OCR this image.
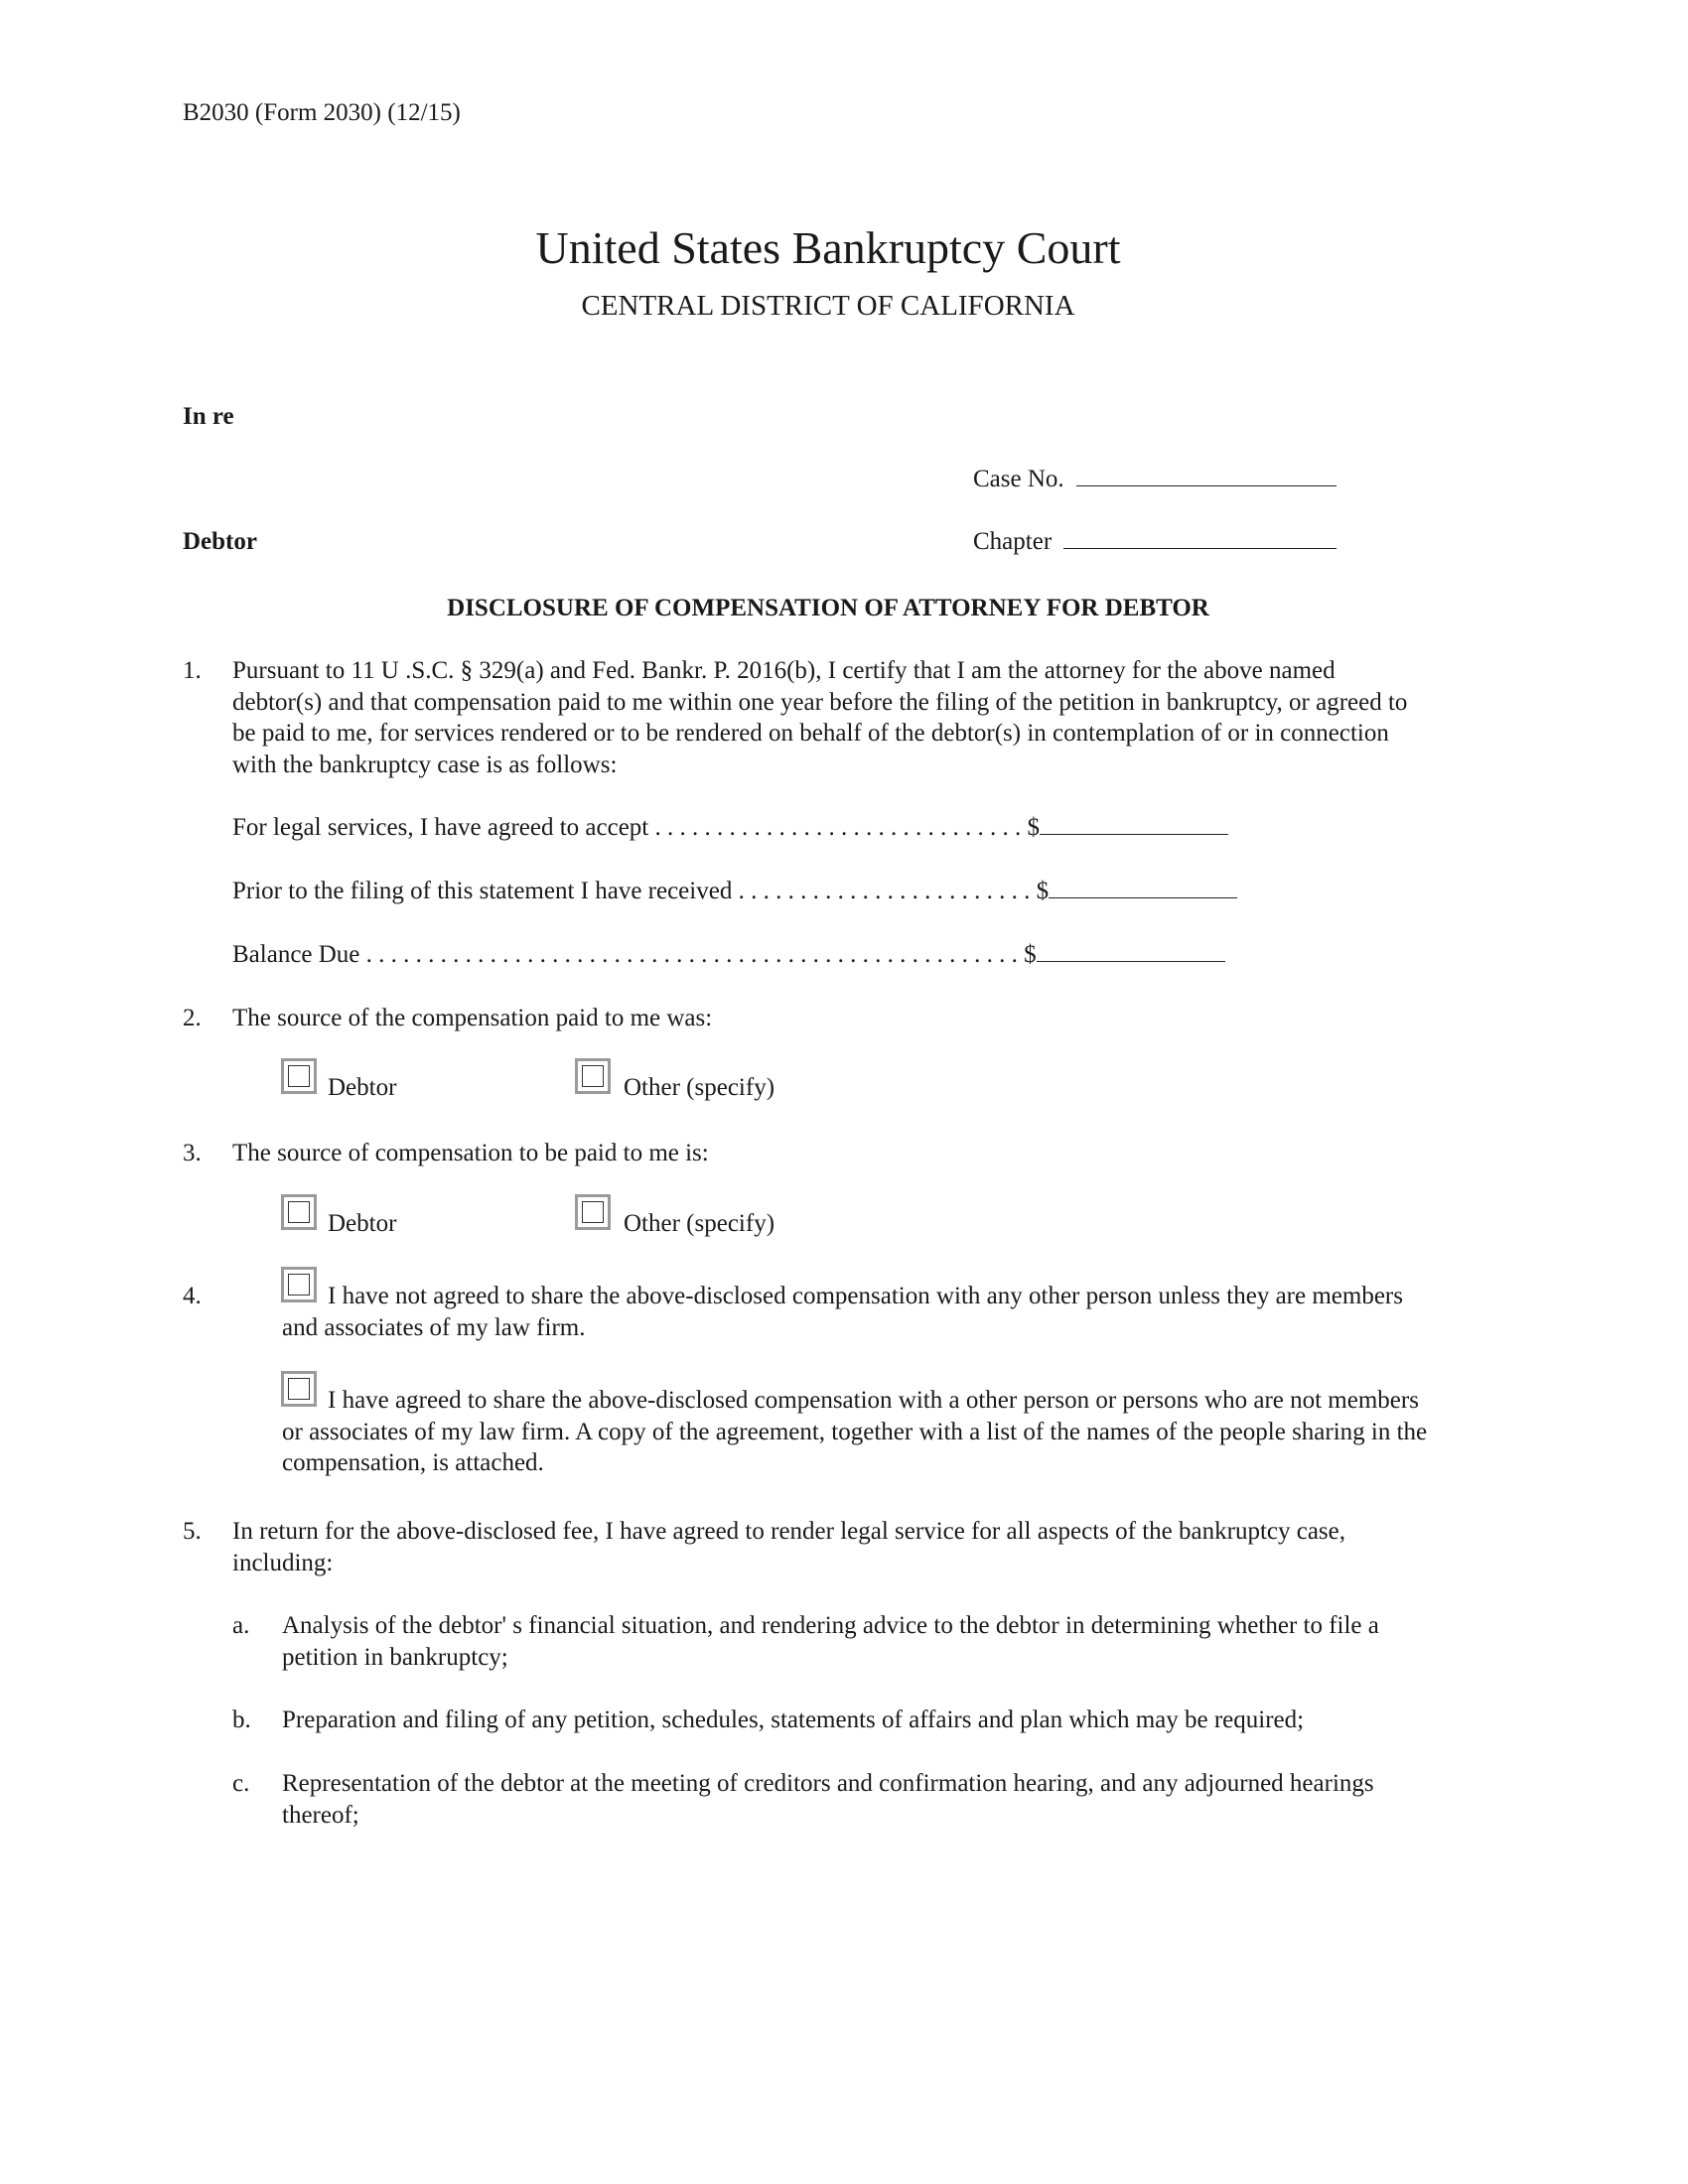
B2030 (Form 2030) (12/15)
United States Bankruptcy Court
CENTRAL DISTRICT OF CALIFORNIA
In re
Case No.
Debtor	Chapter
DISCLOSURE OF COMPENSATION OF ATTORNEY FOR DEBTOR
1. Pursuant to 11 U .S.C. § 329(a) and Fed. Bankr. P. 2016(b), I certify that I am the attorney for the above named debtor(s) and that compensation paid to me within one year before the filing of the petition in bankruptcy, or agreed to be paid to me, for services rendered or to be rendered on behalf of the debtor(s) in contemplation of or in connection with the bankruptcy case is as follows:
For legal services, I have agreed to accept . . . . . . . . . . . . . . . . . . . . . . . . . . . . . . $
Prior to the filing of this statement I have received . . . . . . . . . . . . . . . . . . . . . . . . $
Balance Due . . . . . . . . . . . . . . . . . . . . . . . . . . . . . . . . . . . . . . . . . . . . . . . . . . . . . $
2. The source of the compensation paid to me was:
Debtor	Other (specify)
3. The source of compensation to be paid to me is:
Debtor	Other (specify)
4.	I have not agreed to share the above-disclosed compensation with any other person unless they are members and associates of my law firm.
I have agreed to share the above-disclosed compensation with a other person or persons who are not members or associates of my law firm. A copy of the agreement, together with a list of the names of the people sharing in the compensation, is attached.
5. In return for the above-disclosed fee, I have agreed to render legal service for all aspects of the bankruptcy case, including:
a. Analysis of the debtor' s financial situation, and rendering advice to the debtor in determining whether to file a petition in bankruptcy;
b. Preparation and filing of any petition, schedules, statements of affairs and plan which may be required;
c. Representation of the debtor at the meeting of creditors and confirmation hearing, and any adjourned hearings thereof;
